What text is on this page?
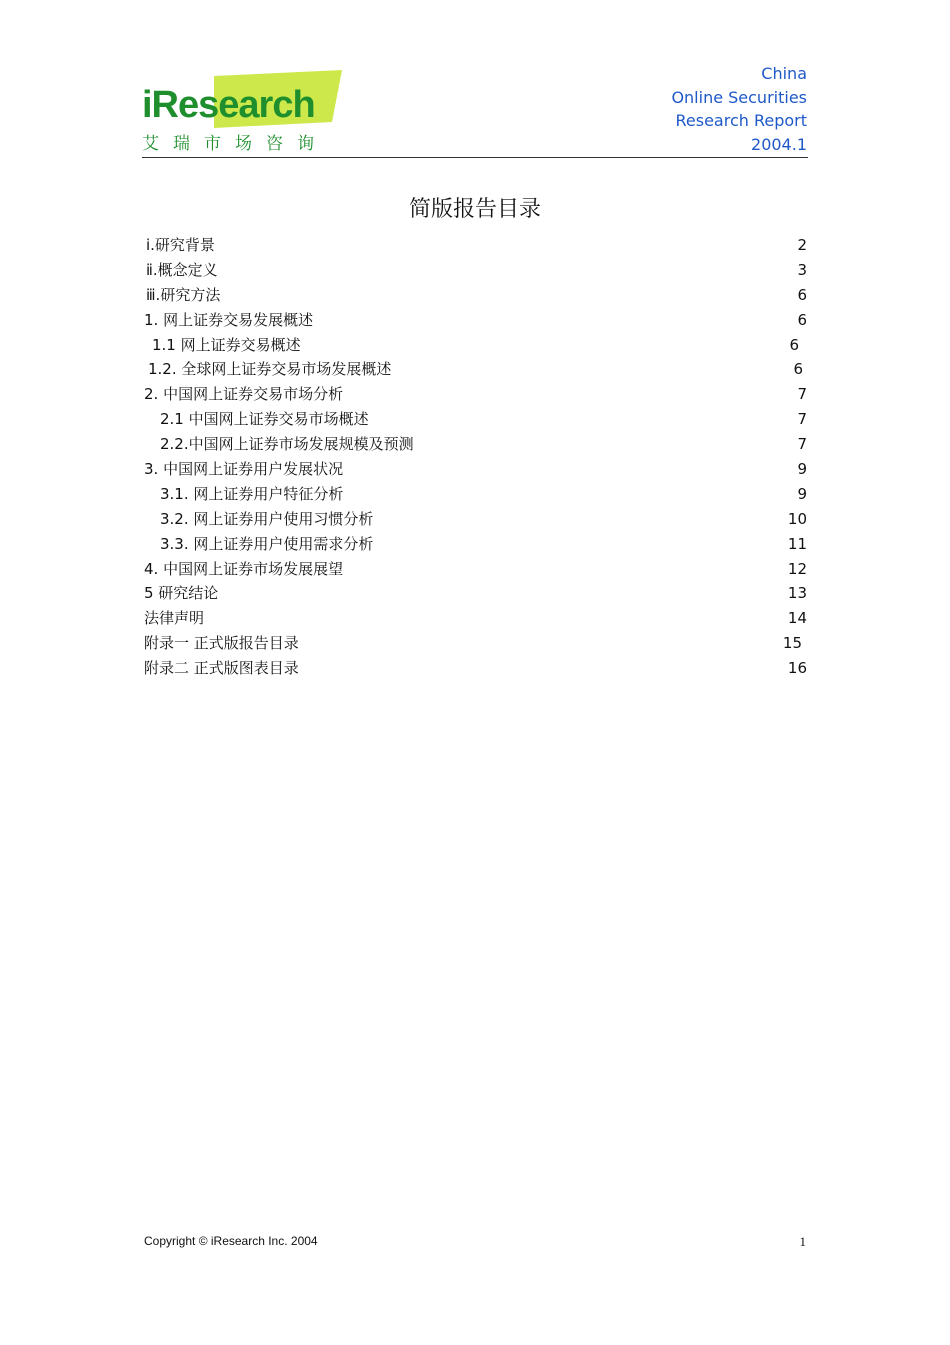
iResearch
艾瑞市场咨询
China
Online Securities
Research Report
2004.1
简版报告目录
ⅰ.研究背景	2
ⅱ.概念定义	3
ⅲ.研究方法	6
1. 网上证券交易发展概述	6
1.1 网上证券交易概述	6
1.2. 全球网上证券交易市场发展概述	6
2. 中国网上证券交易市场分析	7
2.1 中国网上证券交易市场概述	7
2.2.中国网上证券市场发展规模及预测	7
3. 中国网上证券用户发展状况	9
3.1. 网上证券用户特征分析	9
3.2. 网上证券用户使用习惯分析	10
3.3. 网上证券用户使用需求分析	11
4. 中国网上证券市场发展展望	12
5 研究结论	13
法律声明	14
附录一 正式版报告目录	15
附录二 正式版图表目录	16
Copyright © iResearch Inc. 2004	1
